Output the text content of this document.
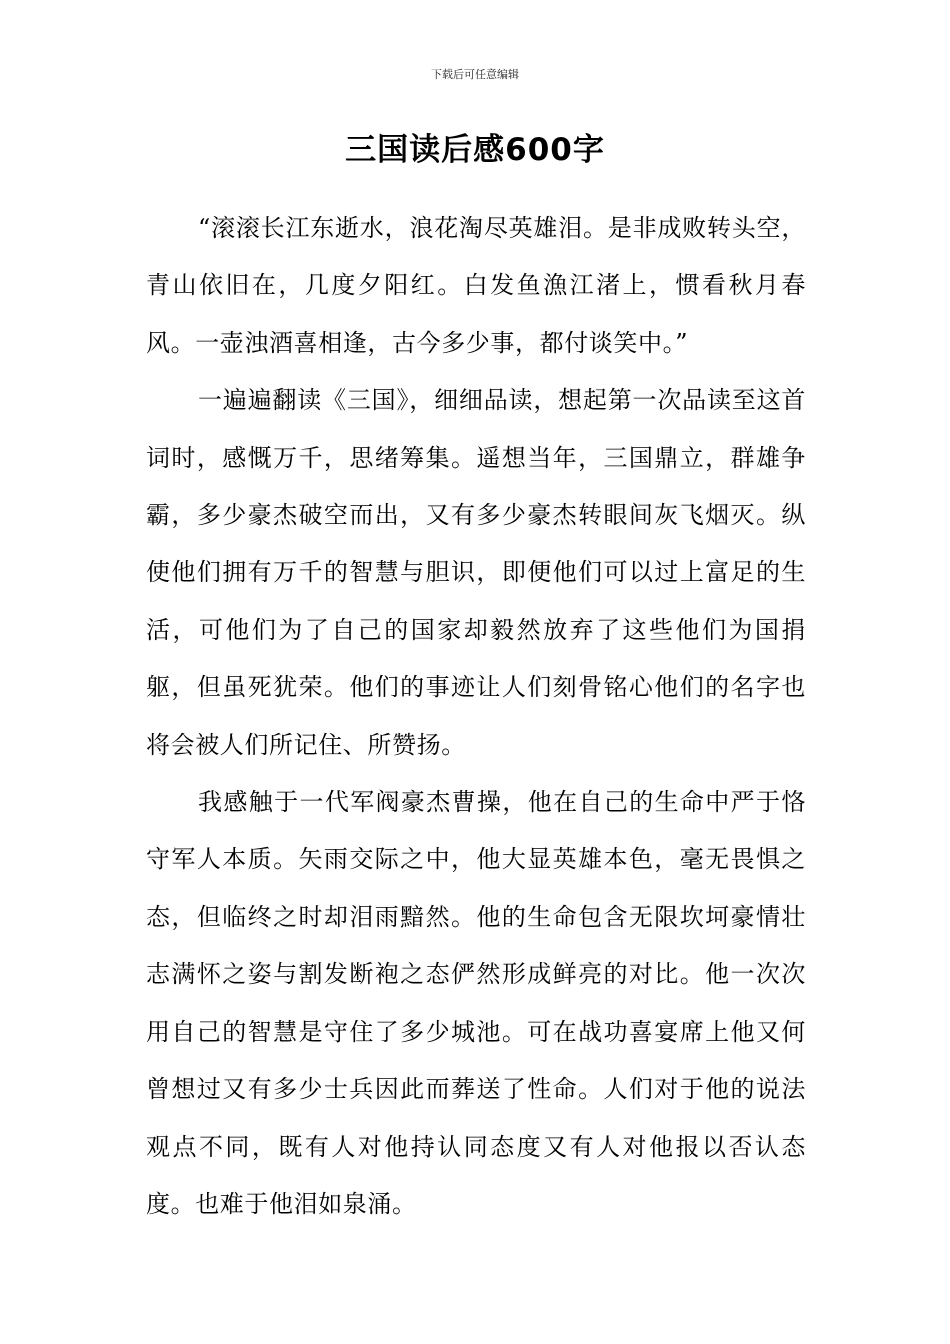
下载后可任意编辑
三国读后感600字

“滚滚长江东逝水，浪花淘尽英雄泪。是非成败转头空，青山依旧在，几度夕阳红。白发鱼漁江渚上，惯看秋月春风。一壶浊酒喜相逢，古今多少事，都付谈笑中。”

一遍遍翻读《三国》，细细品读，想起第一次品读至这首词时，感慨万千，思绪筹集。遥想当年，三国鼎立，群雄争霸，多少豪杰破空而出，又有多少豪杰转眼间灰飞烟灭。纵使他们拥有万千的智慧与胆识，即便他们可以过上富足的生活，可他们为了自己的国家却毅然放弃了这些他们为国捐躯，但虽死犹荣。他们的事迹让人们刻骨铭心他们的名字也将会被人们所记住、所赞扬。

我感触于一代军阀豪杰曹操，他在自己的生命中严于恪守军人本质。矢雨交际之中，他大显英雄本色，毫无畏惧之态，但临终之时却泪雨黯然。他的生命包含无限坎坷豪情壮志满怀之姿与割发断袍之态俨然形成鲜亮的对比。他一次次用自己的智慧是守住了多少城池。可在战功喜宴席上他又何曾想过又有多少士兵因此而葬送了性命。人们对于他的说法观点不同，既有人对他持认同态度又有人对他报以否认态度。也难于他泪如泉涌。
